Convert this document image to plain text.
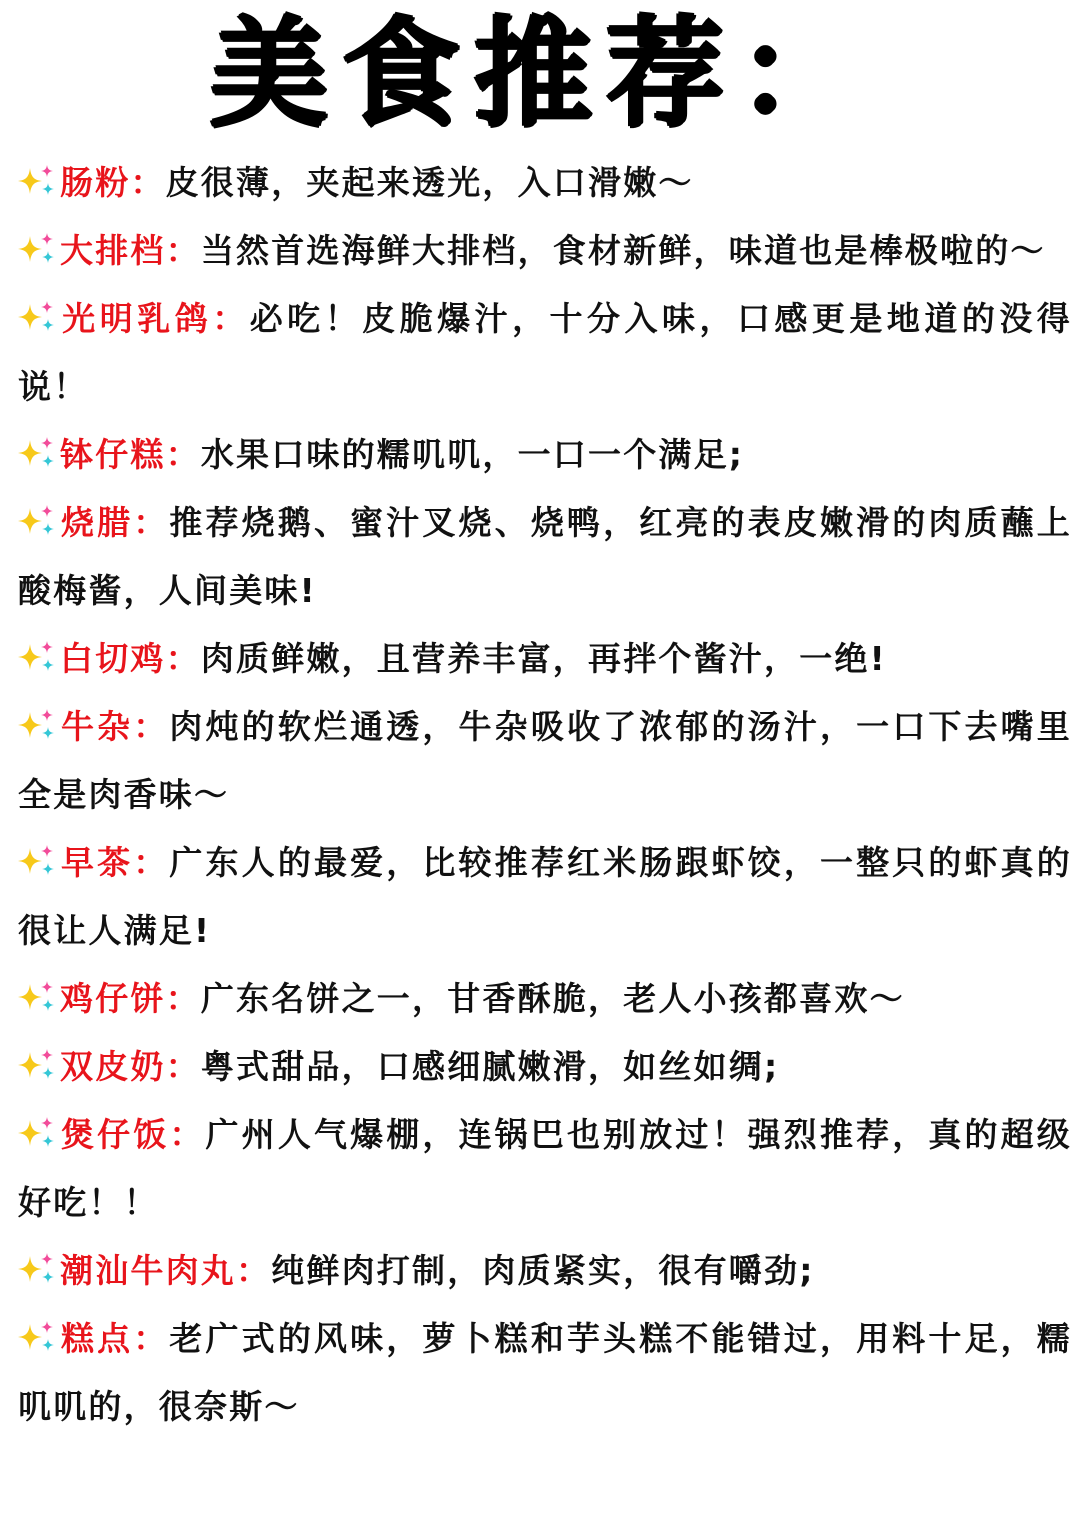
美食推荐：
肠粉：皮很薄，夹起来透光，入口滑嫩～
大排档：当然首选海鲜大排档，食材新鲜，味道也是棒极啦的～
光明乳鸽：必吃！皮脆爆汁，十分入味，口感更是地道的没得说！
钵仔糕：水果口味的糯叽叽，一口一个满足;
烧腊：推荐烧鹅、蜜汁叉烧、烧鸭，红亮的表皮嫩滑的肉质蘸上酸梅酱，人间美味!
白切鸡：肉质鲜嫩，且营养丰富，再拌个酱汁，一绝!
牛杂：肉炖的软烂通透，牛杂吸收了浓郁的汤汁，一口下去嘴里全是肉香味～
早茶：广东人的最爱，比较推荐红米肠跟虾饺，一整只的虾真的很让人满足!
鸡仔饼：广东名饼之一，甘香酥脆，老人小孩都喜欢～
双皮奶：粤式甜品，口感细腻嫩滑，如丝如绸;
煲仔饭：广州人气爆棚，连锅巴也别放过！强烈推荐，真的超级好吃！！
潮汕牛肉丸：纯鲜肉打制，肉质紧实，很有嚼劲;
糕点：老广式的风味，萝卜糕和芋头糕不能错过，用料十足，糯叽叽的，很奈斯～
